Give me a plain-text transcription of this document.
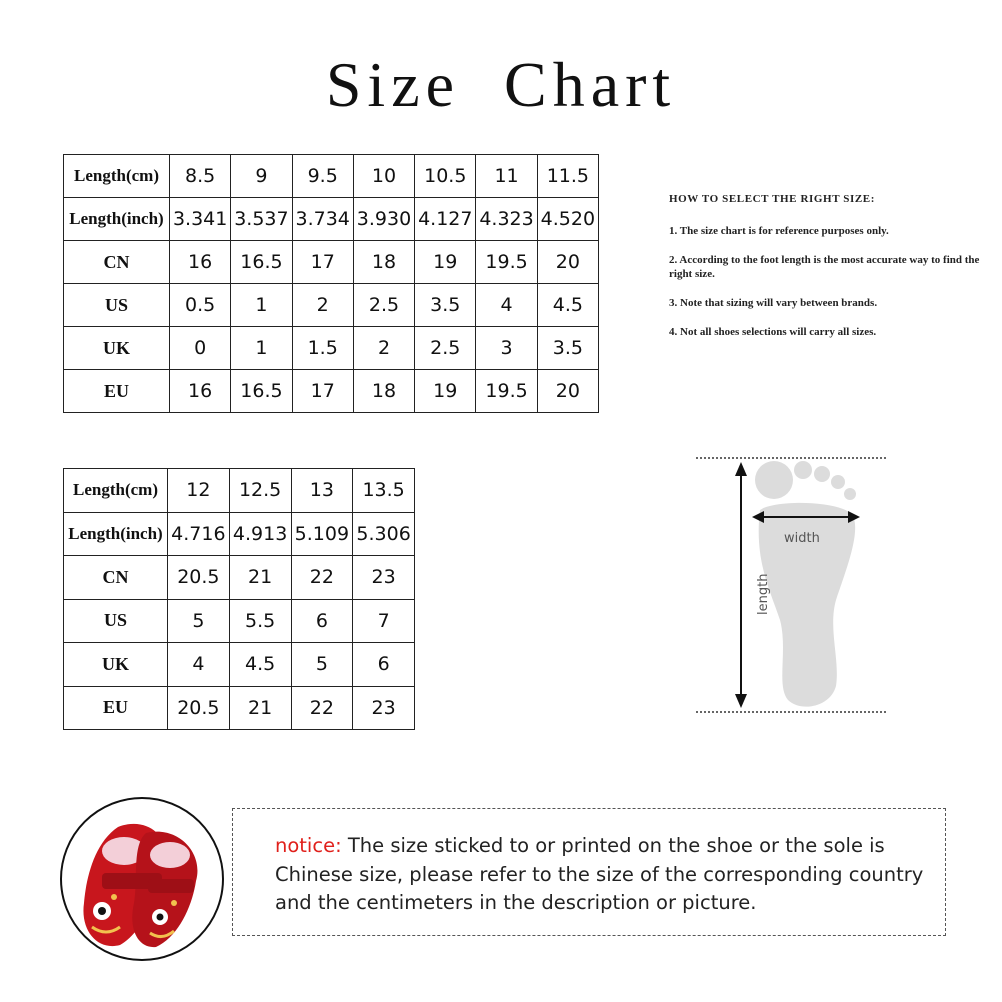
Size Chart
Length(cm)	8.5	9	9.5	10	10.5	11	11.5
Length(inch)	3.341	3.537	3.734	3.930	4.127	4.323	4.520
CN	16	16.5	17	18	19	19.5	20
US	0.5	1	2	2.5	3.5	4	4.5
UK	0	1	1.5	2	2.5	3	3.5
EU	16	16.5	17	18	19	19.5	20
Length(cm)	12	12.5	13	13.5
Length(inch)	4.716	4.913	5.109	5.306
CN	20.5	21	22	23
US	5	5.5	6	7
UK	4	4.5	5	6
EU	20.5	21	22	23
HOW TO SELECT THE RIGHT SIZE:

1. The size chart is for reference purposes only.

2. According to the foot length is the most accurate way to find the right size.

3. Note that sizing will vary between brands.

4. Not all shoes selections will carry all sizes.

width
length
notice: The size sticked to or printed on the shoe or the sole is Chinese size, please refer to the size of the corresponding country and the centimeters in the description or picture.
